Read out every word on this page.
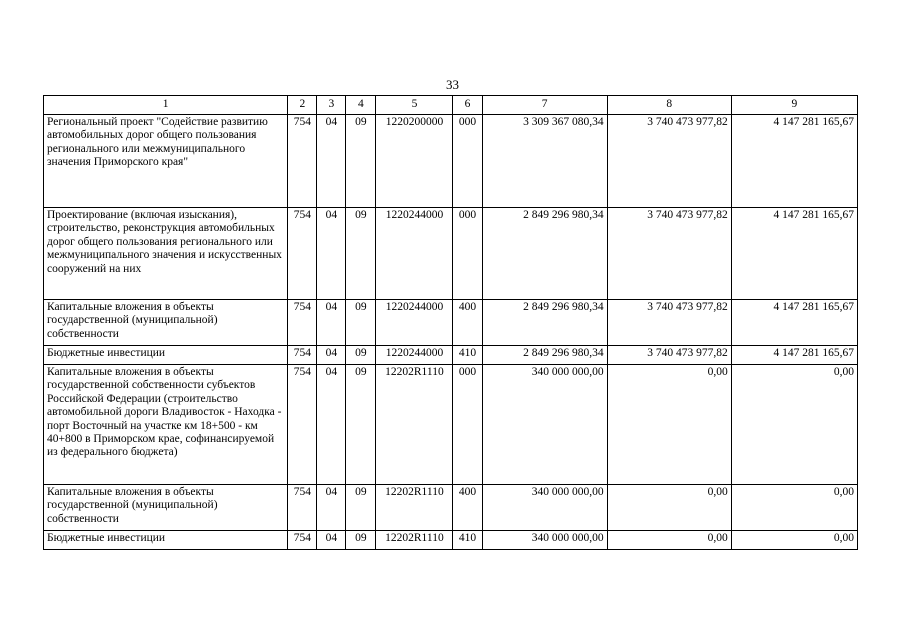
33
1	2	3	4	5	6	7	8	9
Региональный проект "Содействие развитию автомобильных дорог общего пользования регионального или межмуниципального значения Приморского края"	754	04	09	1220200000	000	3 309 367 080,34	3 740 473 977,82	4 147 281 165,67
Проектирование (включая изыскания), строительство, реконструкция автомобильных дорог общего пользования регионального или межмуниципального значения и искусственных сооружений на них	754	04	09	1220244000	000	2 849 296 980,34	3 740 473 977,82	4 147 281 165,67
Капитальные вложения в объекты государственной (муниципальной) собственности	754	04	09	1220244000	400	2 849 296 980,34	3 740 473 977,82	4 147 281 165,67
Бюджетные инвестиции	754	04	09	1220244000	410	2 849 296 980,34	3 740 473 977,82	4 147 281 165,67
Капитальные вложения в объекты государственной собственности субъектов Российской Федерации (строительство автомобильной дороги Владивосток - Находка - порт Восточный на участке км 18+500 - км 40+800 в Приморском крае, софинансируемой из федерального бюджета)	754	04	09	12202R1110	000	340 000 000,00	0,00	0,00
Капитальные вложения в объекты государственной (муниципальной) собственности	754	04	09	12202R1110	400	340 000 000,00	0,00	0,00
Бюджетные инвестиции	754	04	09	12202R1110	410	340 000 000,00	0,00	0,00
